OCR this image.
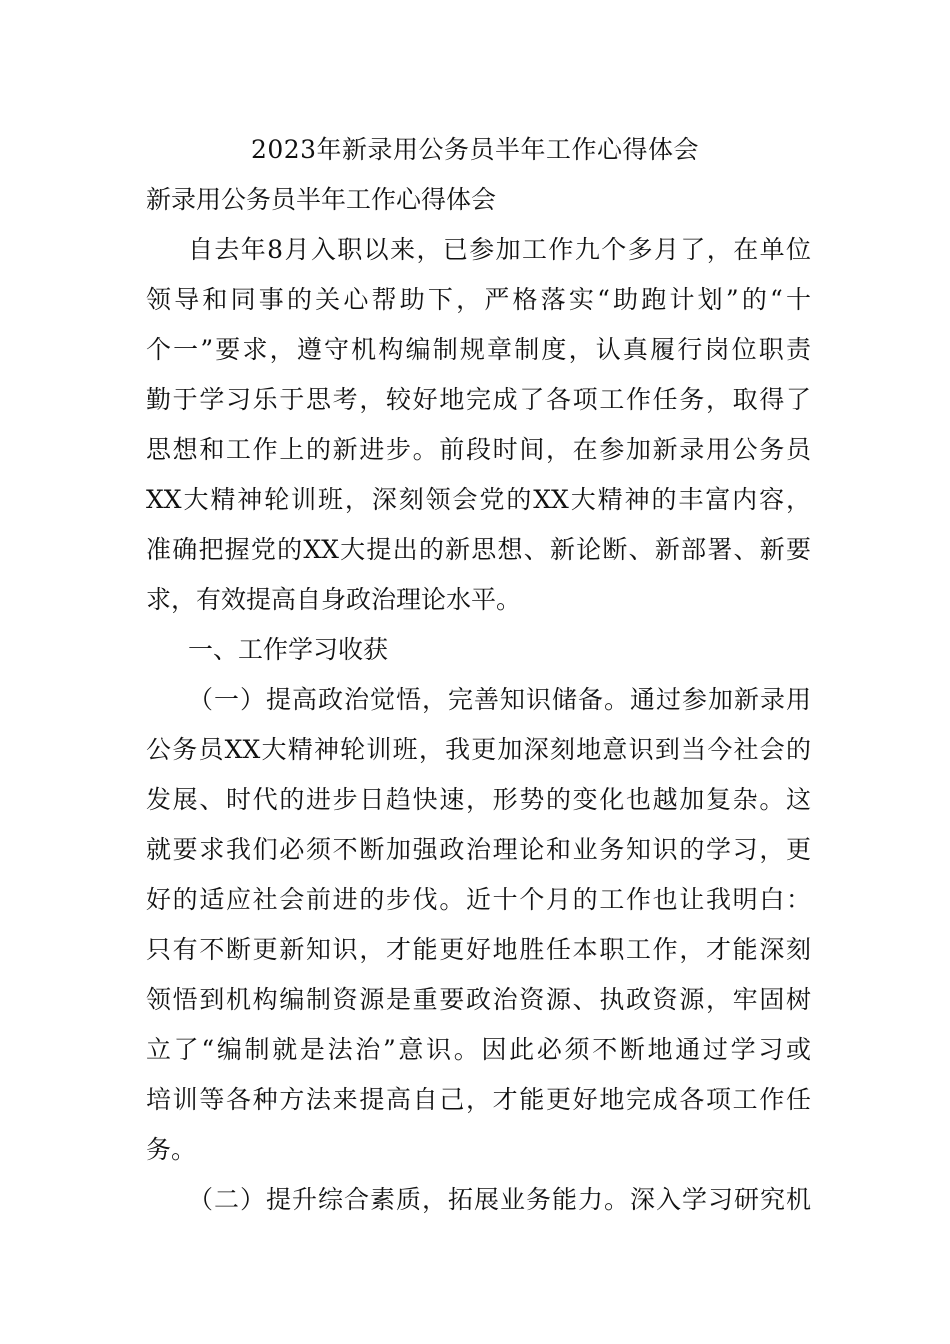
2023年新录用公务员半年工作心得体会
新录用公务员半年工作心得体会
自去年8月入职以来，已参加工作九个多月了，在单位
领导和同事的关心帮助下，严格落实“助跑计划”的“十
个一”要求，遵守机构编制规章制度，认真履行岗位职责
勤于学习乐于思考，较好地完成了各项工作任务，取得了
思想和工作上的新进步。前段时间，在参加新录用公务员
XX大精神轮训班，深刻领会党的XX大精神的丰富内容，
准确把握党的XX大提出的新思想、新论断、新部署、新要
求，有效提高自身政治理论水平。
一、工作学习收获
（一）提高政治觉悟，完善知识储备。通过参加新录用
公务员XX大精神轮训班，我更加深刻地意识到当今社会的
发展、时代的进步日趋快速，形势的变化也越加复杂。这
就要求我们必须不断加强政治理论和业务知识的学习，更
好的适应社会前进的步伐。近十个月的工作也让我明白：
只有不断更新知识，才能更好地胜任本职工作，才能深刻
领悟到机构编制资源是重要政治资源、执政资源，牢固树
立了“编制就是法治”意识。因此必须不断地通过学习或
培训等各种方法来提高自己，才能更好地完成各项工作任
务。
（二）提升综合素质，拓展业务能力。深入学习研究机
